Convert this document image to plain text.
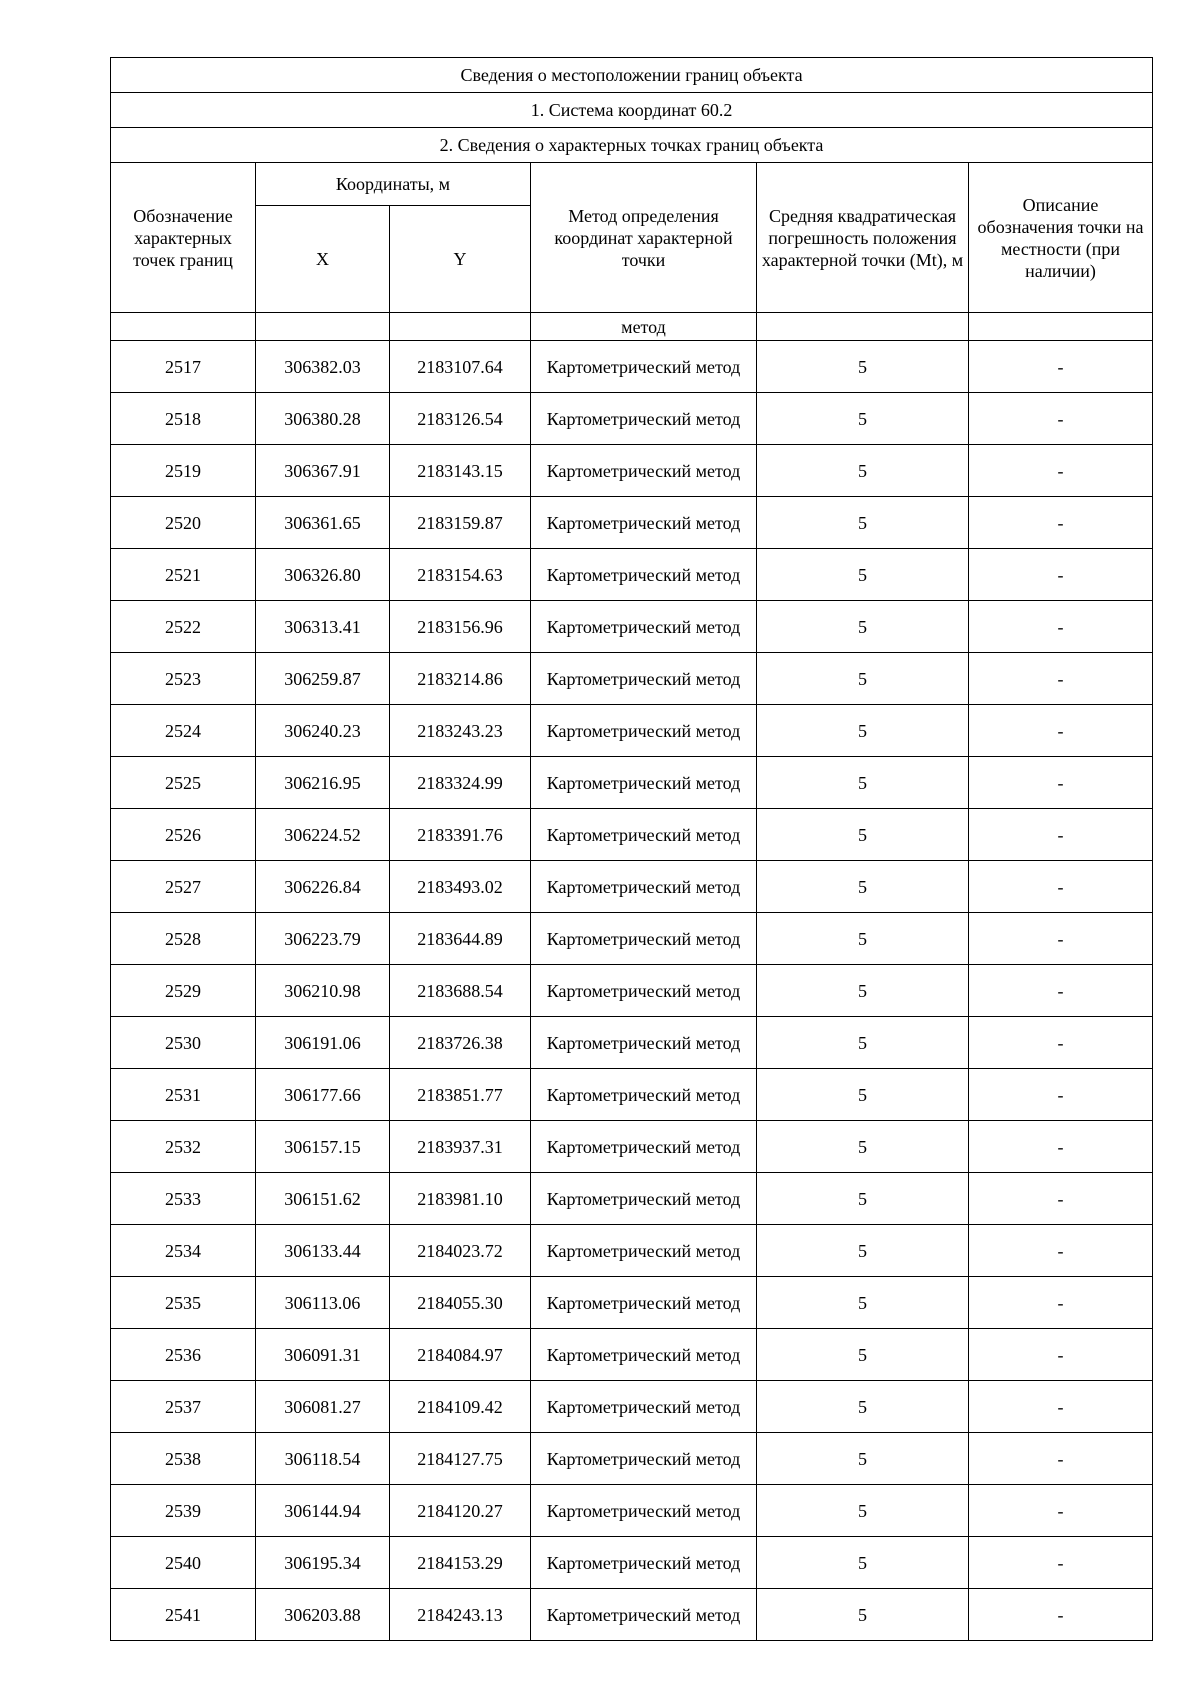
Сведения о местоположении границ объекта					
1. Система координат 60.2					
2. Сведения о характерных точках границ объекта					
Обозначение характерных точек границ	Координаты, м		Метод определения координат характерной точки	Средняя квадратическая погрешность положения характерной точки (Mt), м	Описание обозначения точки на местности (при наличии)
	X	Y			
			метод		
2517	306382.03	2183107.64	Картометрический метод	5	-
2518	306380.28	2183126.54	Картометрический метод	5	-
2519	306367.91	2183143.15	Картометрический метод	5	-
2520	306361.65	2183159.87	Картометрический метод	5	-
2521	306326.80	2183154.63	Картометрический метод	5	-
2522	306313.41	2183156.96	Картометрический метод	5	-
2523	306259.87	2183214.86	Картометрический метод	5	-
2524	306240.23	2183243.23	Картометрический метод	5	-
2525	306216.95	2183324.99	Картометрический метод	5	-
2526	306224.52	2183391.76	Картометрический метод	5	-
2527	306226.84	2183493.02	Картометрический метод	5	-
2528	306223.79	2183644.89	Картометрический метод	5	-
2529	306210.98	2183688.54	Картометрический метод	5	-
2530	306191.06	2183726.38	Картометрический метод	5	-
2531	306177.66	2183851.77	Картометрический метод	5	-
2532	306157.15	2183937.31	Картометрический метод	5	-
2533	306151.62	2183981.10	Картометрический метод	5	-
2534	306133.44	2184023.72	Картометрический метод	5	-
2535	306113.06	2184055.30	Картометрический метод	5	-
2536	306091.31	2184084.97	Картометрический метод	5	-
2537	306081.27	2184109.42	Картометрический метод	5	-
2538	306118.54	2184127.75	Картометрический метод	5	-
2539	306144.94	2184120.27	Картометрический метод	5	-
2540	306195.34	2184153.29	Картометрический метод	5	-
2541	306203.88	2184243.13	Картометрический метод	5	-
